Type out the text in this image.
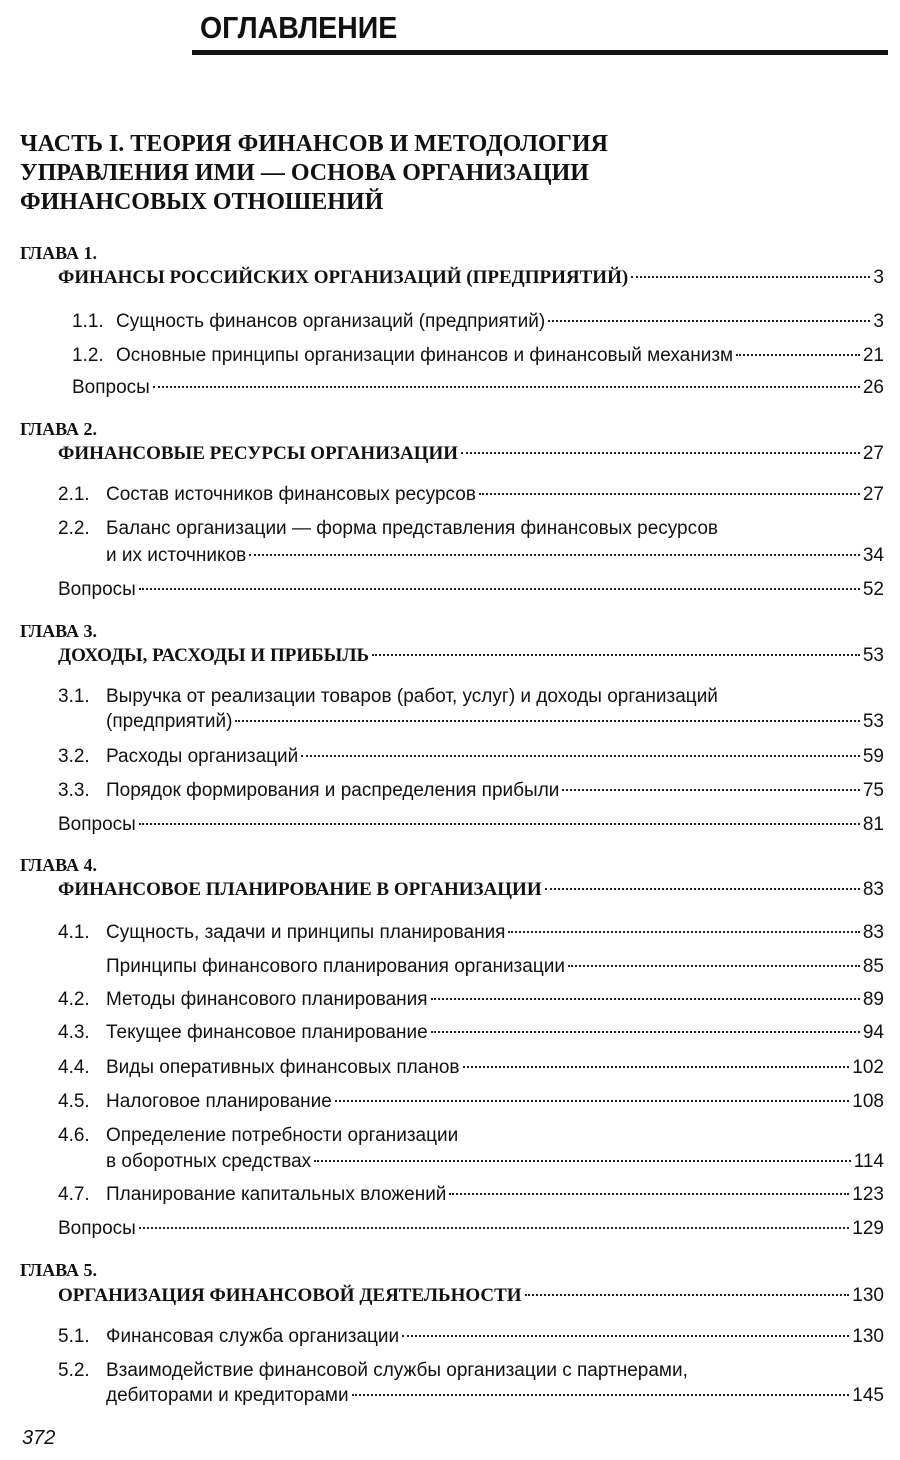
ОГЛАВЛЕНИЕ
ЧАСТЬ I. ТЕОРИЯ ФИНАНСОВ И МЕТОДОЛОГИЯ
УПРАВЛЕНИЯ ИМИ — ОСНОВА ОРГАНИЗАЦИИ
ФИНАНСОВЫХ ОТНОШЕНИЙ
ГЛАВА 1.
ФИНАНСЫ РОССИЙСКИХ ОРГАНИЗАЦИЙ (ПРЕДПРИЯТИЙ)	3
1.1. Сущность финансов организаций (предприятий)	3
1.2. Основные принципы организации финансов и финансовый механизм	21
Вопросы	26
ГЛАВА 2.
ФИНАНСОВЫЕ РЕСУРСЫ ОРГАНИЗАЦИИ	27
2.1. Состав источников финансовых ресурсов	27
2.2. Баланс организации — форма представления финансовых ресурсов
и их источников	34
Вопросы	52
ГЛАВА 3.
ДОХОДЫ, РАСХОДЫ И ПРИБЫЛЬ	53
3.1. Выручка от реализации товаров (работ, услуг) и доходы организаций
(предприятий)	53
3.2. Расходы организаций	59
3.3. Порядок формирования и распределения прибыли	75
Вопросы	81
ГЛАВА 4.
ФИНАНСОВОЕ ПЛАНИРОВАНИЕ В ОРГАНИЗАЦИИ	83
4.1. Сущность, задачи и принципы планирования	83
Принципы финансового планирования организации	85
4.2. Методы финансового планирования	89
4.3. Текущее финансовое планирование	94
4.4. Виды оперативных финансовых планов	102
4.5. Налоговое планирование	108
4.6. Определение потребности организации
в оборотных средствах	114
4.7. Планирование капитальных вложений	123
Вопросы	129
ГЛАВА 5.
ОРГАНИЗАЦИЯ ФИНАНСОВОЙ ДЕЯТЕЛЬНОСТИ	130
5.1. Финансовая служба организации	130
5.2. Взаимодействие финансовой службы организации с партнерами,
дебиторами и кредиторами	145
372
